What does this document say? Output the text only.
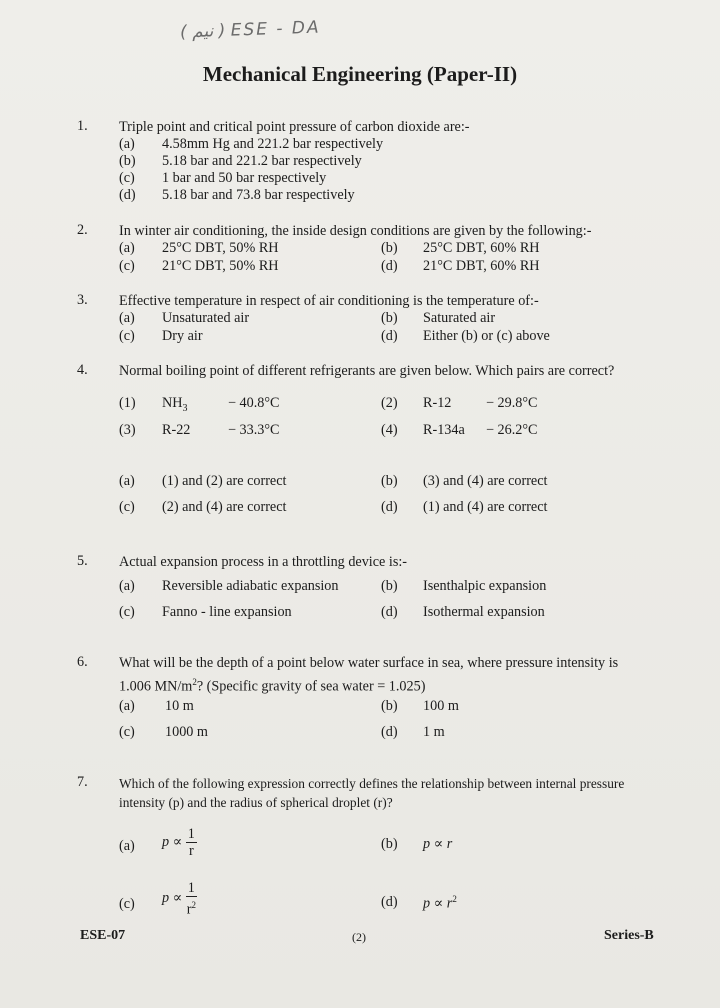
( ﻿ﻧﻴﻢ ) ESE - DA
Mechanical Engineering (Paper-II)
1. Triple point and critical point pressure of carbon dioxide are:-
(a) 4.58mm Hg and 221.2 bar respectively
(b) 5.18 bar and 221.2 bar respectively
(c) 1 bar and 50 bar respectively
(d) 5.18 bar and 73.8 bar respectively
2. In winter air conditioning, the inside design conditions are given by the following:-
(a) 25°C DBT, 50% RH	(b) 25°C DBT, 60% RH
(c) 21°C DBT, 50% RH	(d) 21°C DBT, 60% RH
3. Effective temperature in respect of air conditioning is the temperature of:-
(a) Unsaturated air	(b) Saturated air
(c) Dry air	(d) Either (b) or (c) above
4. Normal boiling point of different refrigerants are given below. Which pairs are correct?
(1) $NH_3$	− 40.8°C	(2) R-12 − 29.8°C
(3) R-22	− 33.3°C	(4) R-134a − 26.2°C
(a) (1) and (2) are correct	(b) (3) and (4) are correct
(c) (2) and (4) are correct	(d) (1) and (4) are correct
5. Actual expansion process in a throttling device is:-
(a) Reversible adiabatic expansion	(b) Isenthalpic expansion
(c) Fanno - line expansion	(d) Isothermal expansion
6. What will be the depth of a point below water surface in sea, where pressure intensity is
1.006 $MN/m^2$? (Specific gravity of sea water = 1.025)
(a) 10 m	(b) 100 m
(c) 1000 m	(d) 1 m
7. Which of the following expression correctly defines the relationship between internal pressure
intensity (p) and the radius of spherical droplet (r)?
(a) $p \propto \frac{1}{r}$	(b) p ∝ r
(c) $p \propto \frac{1}{r^2}$	(d) $p \propto r^2$
ESE-07	(2)	Series-B
